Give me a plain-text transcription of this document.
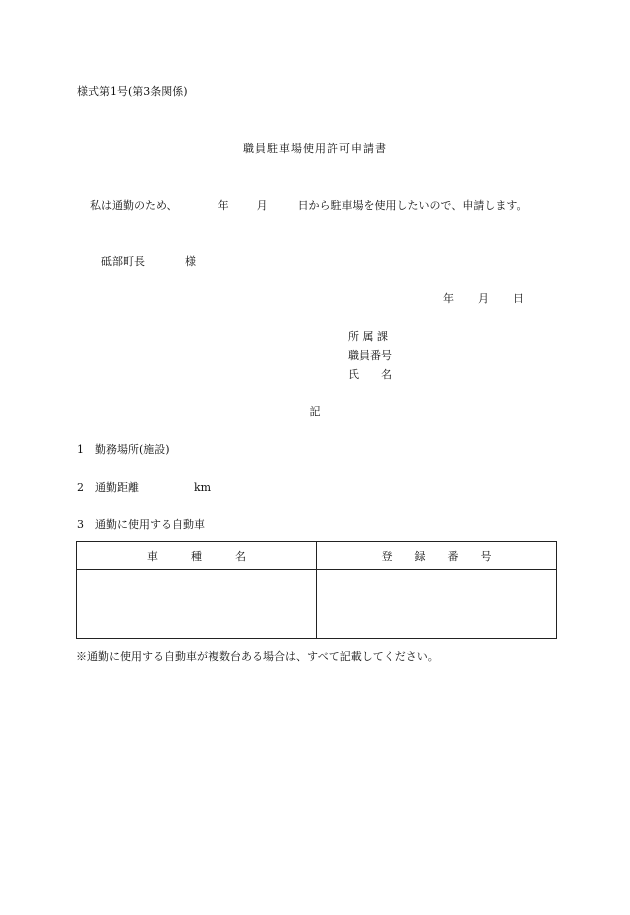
様式第1号(第3条関係)
職員駐車場使用許可申請書
私は通勤のため、	年	月	日から駐車場を使用したいので、申請します。
砥部町長	様
年 月 日
所 属 課
職員番号
氏　　名
記
1 勤務場所(施設)
2 通勤距離	km
3 通勤に使用する自動車
車　　　種　　　名	登　　録　　番　　号

※通勤に使用する自動車が複数台ある場合は、すべて記載してください。
